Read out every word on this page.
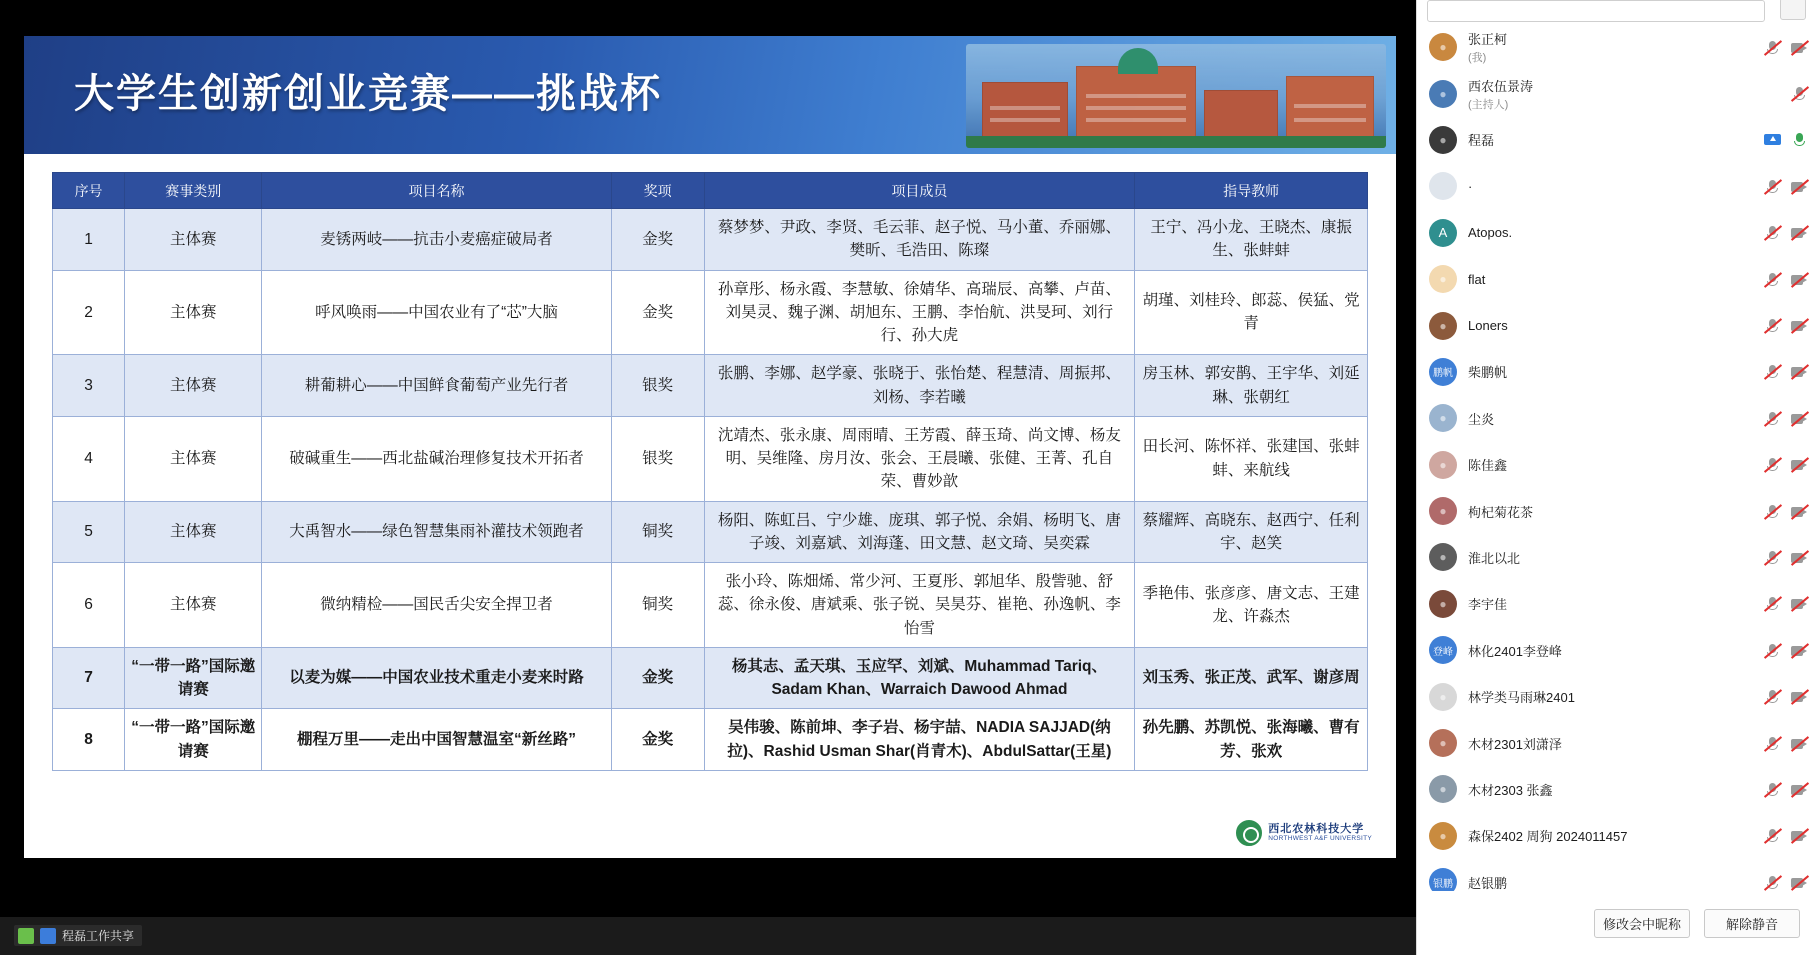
大学生创新创业竞赛——挑战杯
序号	赛事类别	项目名称	奖项	项目成员	指导教师
1	主体赛	麦锈两岐——抗击小麦癌症破局者	金奖	蔡梦梦、尹政、李贤、毛云菲、赵子悦、马小董、乔丽娜、樊昕、毛浩田、陈璨	王宁、冯小龙、王晓杰、康振生、张蚌蚌
2	主体赛	呼风唤雨——中国农业有了“芯”大脑	金奖	孙章彤、杨永霞、李慧敏、徐婧华、高瑞辰、高攀、卢苗、刘昊灵、魏子渊、胡旭东、王鹏、李怡航、洪旻珂、刘行行、孙大虎	胡瑾、刘桂玲、郎蕊、侯猛、党青
3	主体赛	耕葡耕心——中国鲜食葡萄产业先行者	银奖	张鹏、李娜、赵学豪、张晓于、张怡楚、程慧清、周振邦、刘杨、李若曦	房玉林、郭安鹊、王宇华、刘延琳、张朝红
4	主体赛	破碱重生——西北盐碱治理修复技术开拓者	银奖	沈靖杰、张永康、周雨晴、王芳霞、薛玉琦、尚文博、杨友明、吴维隆、房月汝、张会、王晨曦、张健、王菁、孔自荣、曹妙歆	田长河、陈怀祥、张建国、张蚌蚌、来航线
5	主体赛	大禹智水——绿色智慧集雨补灌技术领跑者	铜奖	杨阳、陈虹吕、宁少雄、庞琪、郭子悦、余娟、杨明飞、唐子竣、刘嘉斌、刘海蓬、田文慧、赵文琦、吴奕霖	蔡耀辉、高晓东、赵西宁、任利宇、赵笑
6	主体赛	微纳精检——国民舌尖安全捍卫者	铜奖	张小玲、陈畑烯、常少河、王夏彤、郭旭华、殷訾驰、舒蕊、徐永俊、唐斌乘、张子锐、吴昊芬、崔艳、孙逸帆、李怡雪	季艳伟、张彦彦、唐文志、王建龙、许淼杰
7	“一带一路”国际邀请赛	以麦为媒——中国农业技术重走小麦来时路	金奖	杨其志、孟天琪、玉应罕、刘斌、Muhammad Tariq、Sadam Khan、Warraich Dawood Ahmad	刘玉秀、张正茂、武军、谢彦周
8	“一带一路”国际邀请赛	棚程万里——走出中国智慧温室“新丝路”	金奖	吴伟骏、陈前坤、李子岩、杨宇喆、NADIA SAJJAD(纳拉)、Rashid Usman Shar(肖青木)、AbdulSattar(王星)	孙先鹏、苏凯悦、张海曦、曹有芳、张欢
西北农林科技大学
NORTHWEST A&F UNIVERSITY
程磊工作共享
● 张正柯
(我)
● 西农伍景涛
(主持人)
● 程磊
·
A	Atopos.
● flat
● Loners
鹏帆	柴鹏帆
● 尘炎
● 陈佳鑫
● 枸杞菊花茶
● 淮北以北
● 李宇佳
登峰	林化2401李登峰
● 林学类马雨琳2401
● 木材2301刘潇泽
● 木材2303 张鑫
● 森保2402 周狗 2024011457
银鹏	赵银鹏
修改会中昵称	解除静音
